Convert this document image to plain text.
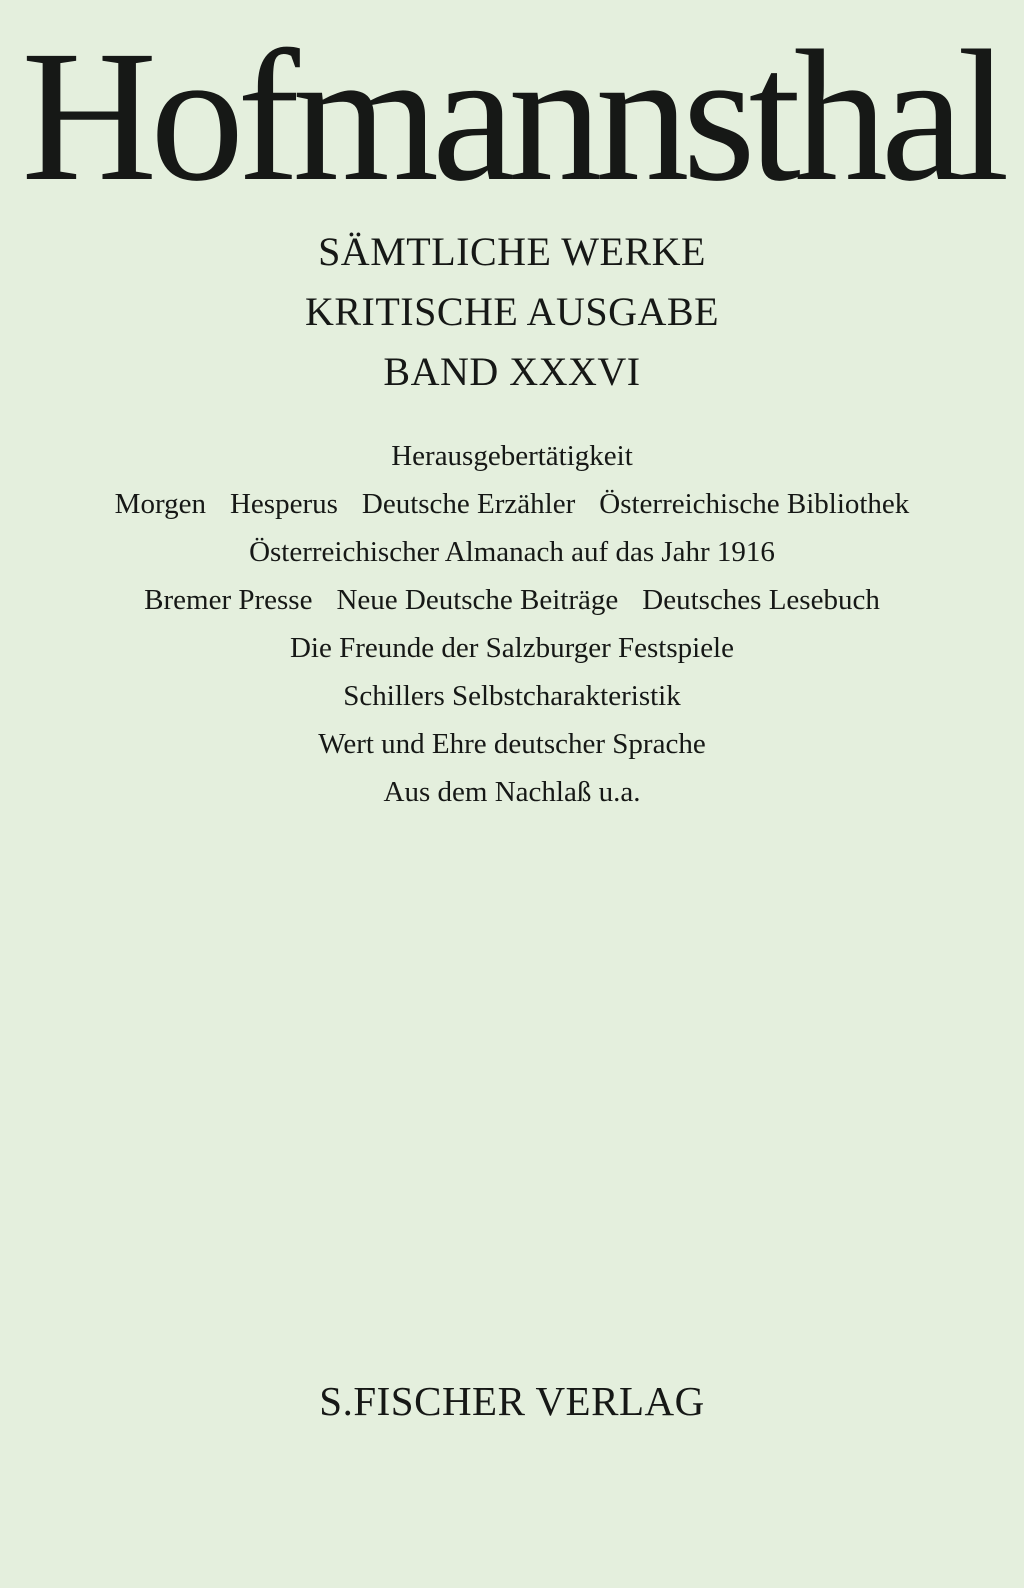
Hofmannsthal
SÄMTLICHE WERKE
KRITISCHE AUSGABE
BAND XXXVI
Herausgebertätigkeit
Morgen Hesperus Deutsche Erzähler Österreichische Bibliothek
Österreichischer Almanach auf das Jahr 1916
Bremer Presse Neue Deutsche Beiträge Deutsches Lesebuch
Die Freunde der Salzburger Festspiele
Schillers Selbstcharakteristik
Wert und Ehre deutscher Sprache
Aus dem Nachlaß u.a.
S.FISCHER VERLAG
